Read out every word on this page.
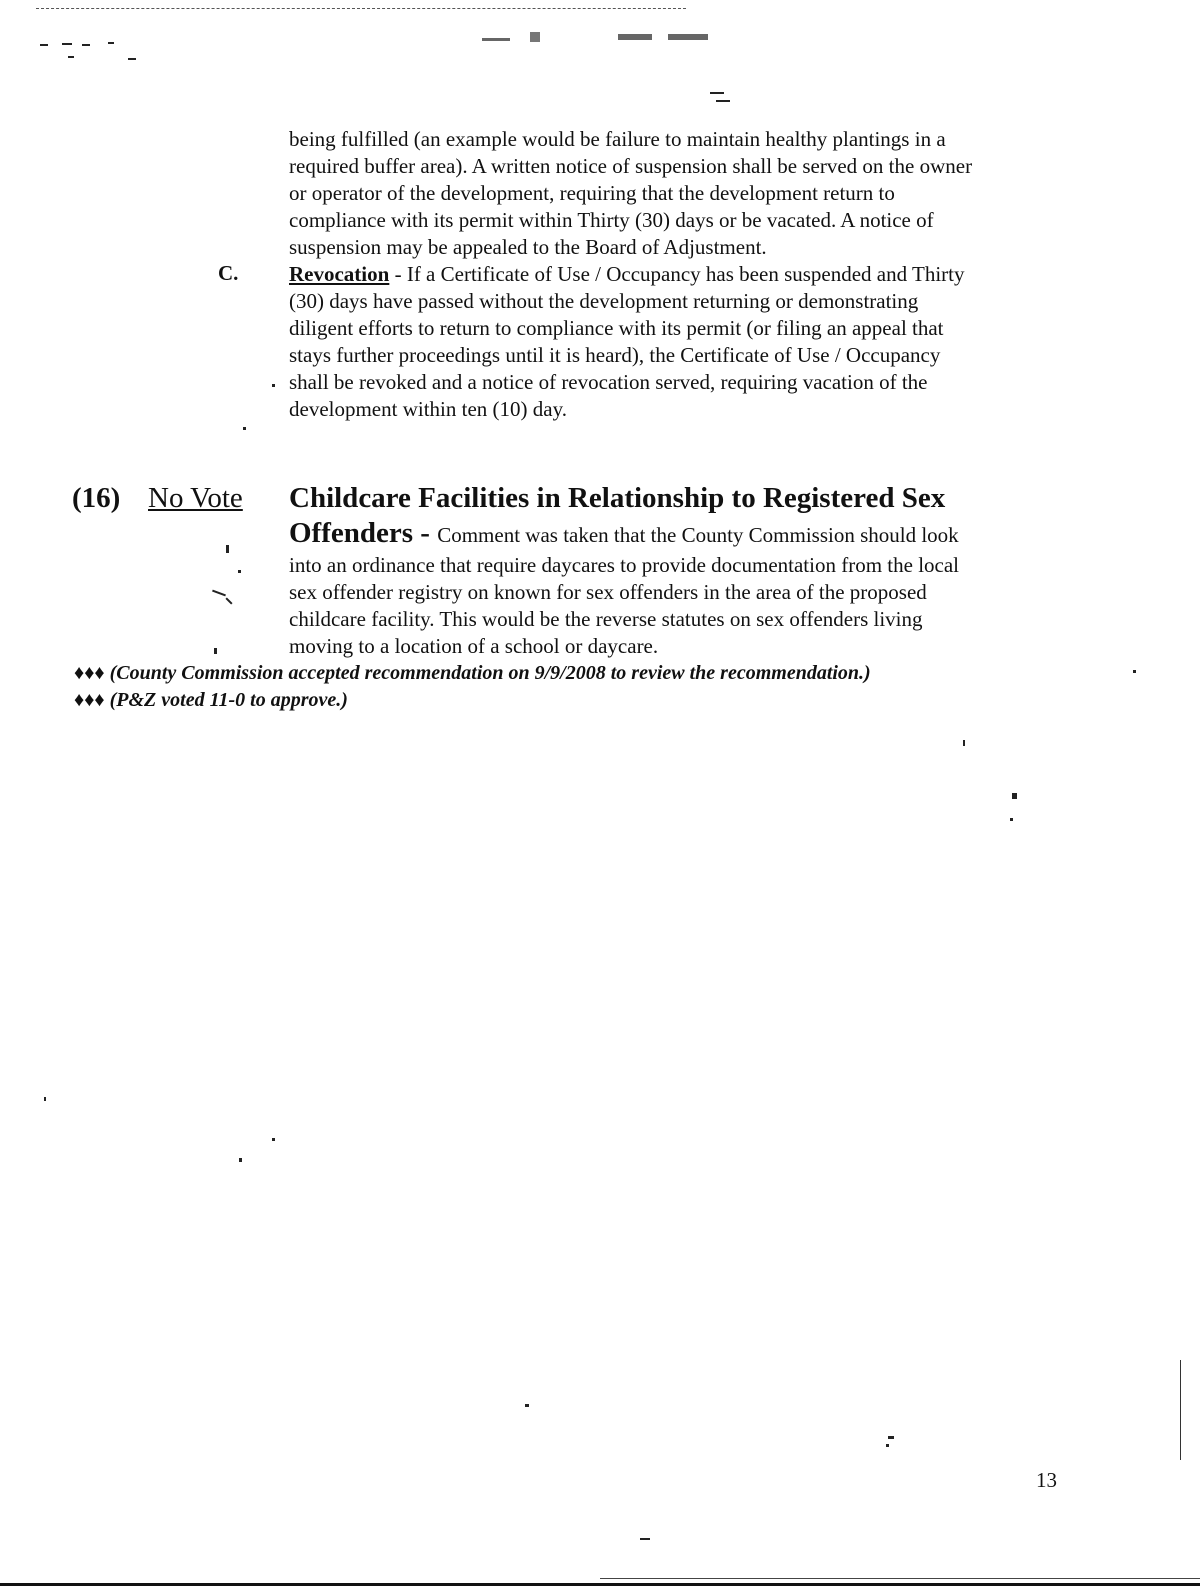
being fulfilled (an example would be failure to maintain healthy plantings in a
required buffer area). A written notice of suspension shall be served on the owner
or operator of the development, requiring that the development return to
compliance with its permit within Thirty (30) days or be vacated. A notice of
suspension may be appealed to the Board of Adjustment.
C. Revocation - If a Certificate of Use / Occupancy has been suspended and Thirty
(30) days have passed without the development returning or demonstrating
diligent efforts to return to compliance with its permit (or filing an appeal that
stays further proceedings until it is heard), the Certificate of Use / Occupancy
shall be revoked and a notice of revocation served, requiring vacation of the
development within ten (10) day.
(16) No Vote Childcare Facilities in Relationship to Registered Sex
Offenders - Comment was taken that the County Commission should look
into an ordinance that require daycares to provide documentation from the local
sex offender registry on known for sex offenders in the area of the proposed
childcare facility. This would be the reverse statutes on sex offenders living
moving to a location of a school or daycare.
♦♦♦ (County Commission accepted recommendation on 9/9/2008 to review the recommendation.)
♦♦♦ (P&Z voted 11-0 to approve.)
13
